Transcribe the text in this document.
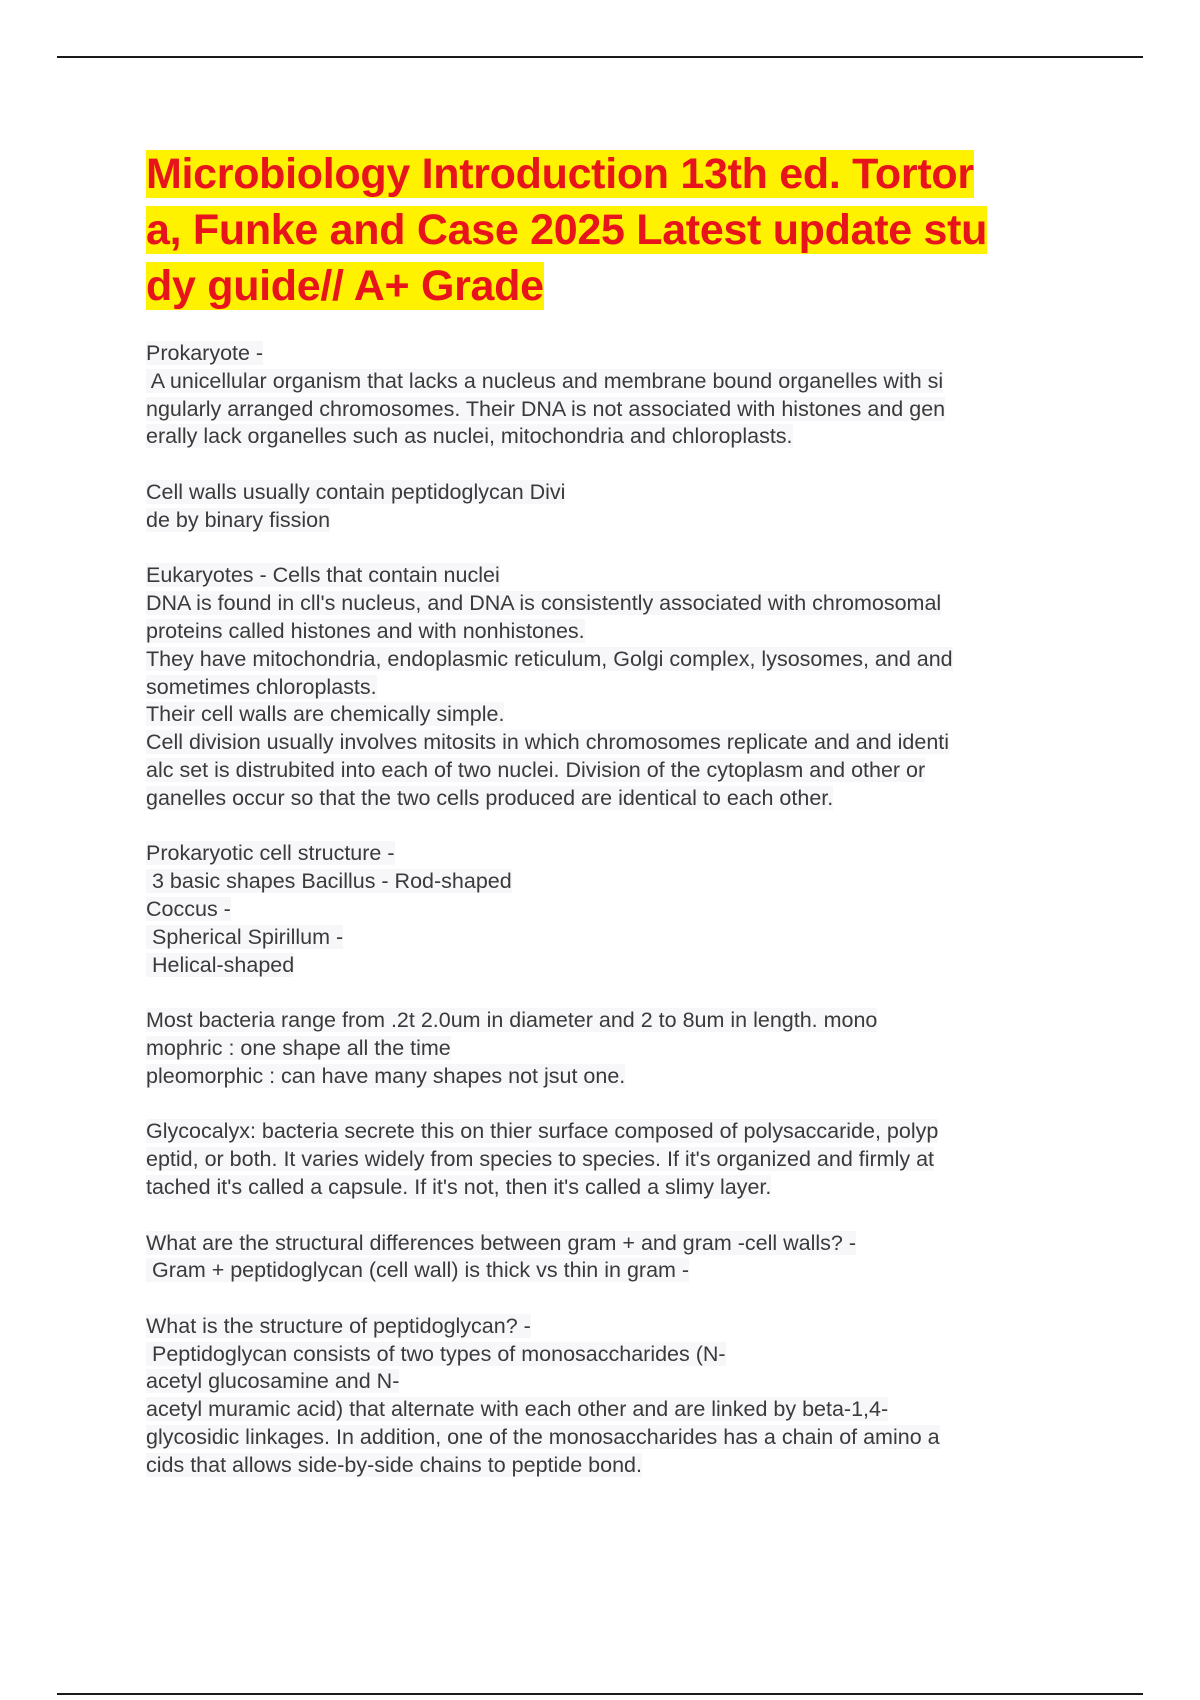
Microbiology Introduction 13th ed. Tortor
a, Funke and Case 2025 Latest update stu
dy guide// A+ Grade
Prokaryote -
A unicellular organism that lacks a nucleus and membrane bound organelles with si
ngularly arranged chromosomes. Their DNA is not associated with histones and gen
erally lack organelles such as nuclei, mitochondria and chloroplasts.
Cell walls usually contain peptidoglycan Divi
de by binary fission
Eukaryotes - Cells that contain nuclei
DNA is found in cll's nucleus, and DNA is consistently associated with chromosomal
proteins called histones and with nonhistones.
They have mitochondria, endoplasmic reticulum, Golgi complex, lysosomes, and and
sometimes chloroplasts.
Their cell walls are chemically simple.
Cell division usually involves mitosits in which chromosomes replicate and and identi
alc set is distrubited into each of two nuclei. Division of the cytoplasm and other or
ganelles occur so that the two cells produced are identical to each other.
Prokaryotic cell structure -
3 basic shapes Bacillus - Rod-shaped
Coccus -
Spherical Spirillum -
Helical-shaped
Most bacteria range from .2t 2.0um in diameter and 2 to 8um in length. mono
mophric : one shape all the time
pleomorphic : can have many shapes not jsut one.
Glycocalyx: bacteria secrete this on thier surface composed of polysaccaride, polyp
eptid, or both. It varies widely from species to species. If it's organized and firmly at
tached it's called a capsule. If it's not, then it's called a slimy layer.
What are the structural differences between gram + and gram -cell walls? -
Gram + peptidoglycan (cell wall) is thick vs thin in gram -
What is the structure of peptidoglycan? -
Peptidoglycan consists of two types of monosaccharides (N-
acetyl glucosamine and N-
acetyl muramic acid) that alternate with each other and are linked by beta-1,4-
glycosidic linkages. In addition, one of the monosaccharides has a chain of amino a
cids that allows side-by-side chains to peptide bond.
